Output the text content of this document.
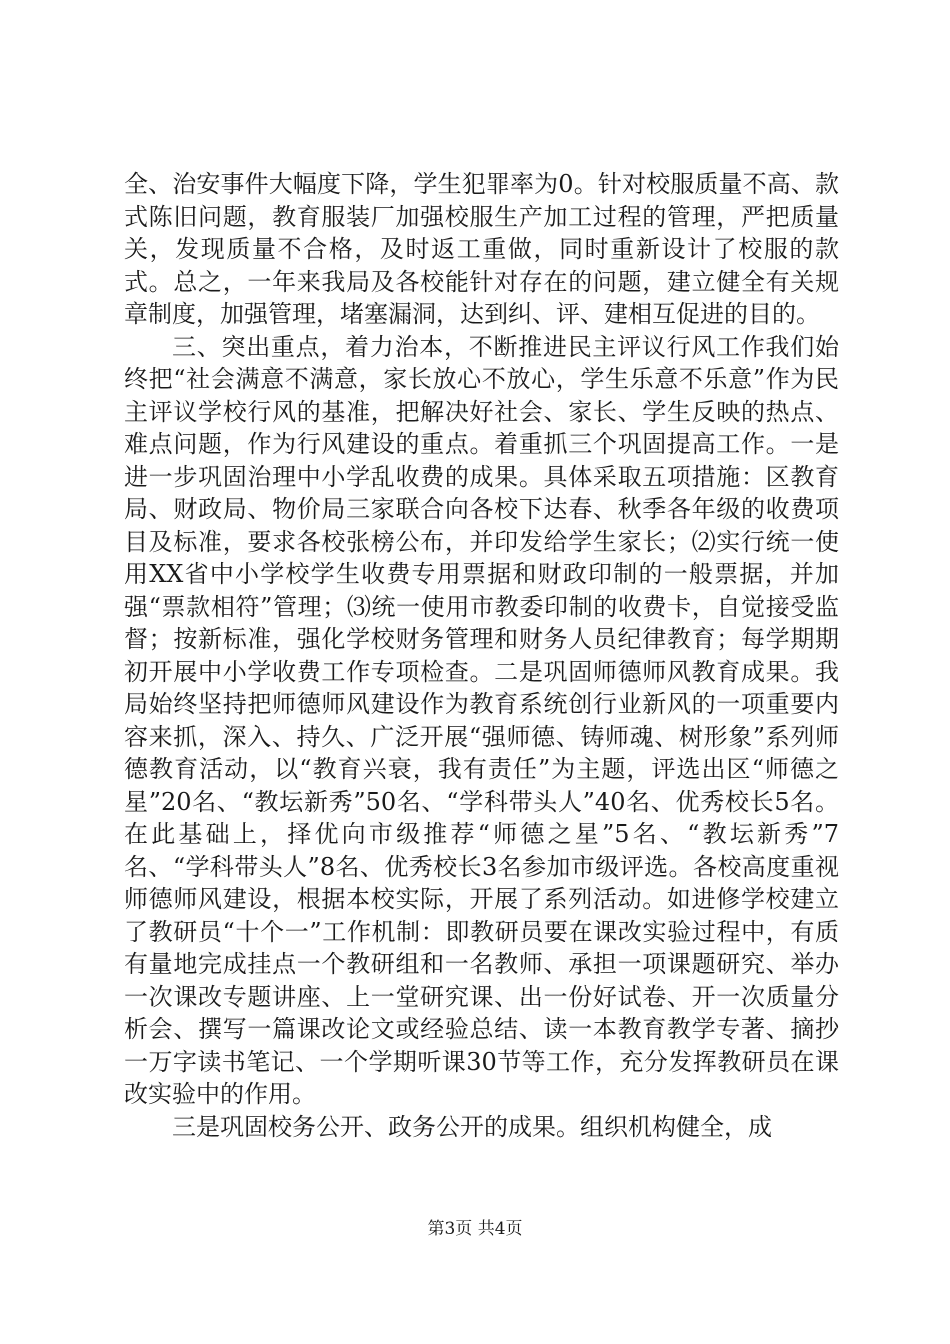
全、治安事件大幅度下降，学生犯罪率为0。针对校服质量不高、款式陈旧问题，教育服装厂加强校服生产加工过程的管理，严把质量关，发现质量不合格，及时返工重做，同时重新设计了校服的款式。总之，一年来我局及各校能针对存在的问题，建立健全有关规章制度，加强管理，堵塞漏洞，达到纠、评、建相互促进的目的。

三、突出重点，着力治本，不断推进民主评议行风工作我们始终把“社会满意不满意，家长放心不放心，学生乐意不乐意”作为民主评议学校行风的基准，把解决好社会、家长、学生反映的热点、难点问题，作为行风建设的重点。着重抓三个巩固提高工作。一是进一步巩固治理中小学乱收费的成果。具体采取五项措施：区教育局、财政局、物价局三家联合向各校下达春、秋季各年级的收费项目及标准，要求各校张榜公布，并印发给学生家长；⑵实行统一使用XX省中小学校学生收费专用票据和财政印制的一般票据，并加强“票款相符”管理；⑶统一使用市教委印制的收费卡，自觉接受监督；按新标准，强化学校财务管理和财务人员纪律教育；每学期期初开展中小学收费工作专项检查。二是巩固师德师风教育成果。我局始终坚持把师德师风建设作为教育系统创行业新风的一项重要内容来抓，深入、持久、广泛开展“强师德、铸师魂、树形象”系列师德教育活动，以“教育兴衰，我有责任”为主题，评选出区“师德之星”20名、“教坛新秀”50名、“学科带头人”40名、优秀校长5名。在此基础上，择优向市级推荐“师德之星”5名、“教坛新秀”7名、“学科带头人”8名、优秀校长3名参加市级评选。各校高度重视师德师风建设，根据本校实际，开展了系列活动。如进修学校建立了教研员“十个一”工作机制：即教研员要在课改实验过程中，有质有量地完成挂点一个教研组和一名教师、承担一项课题研究、举办一次课改专题讲座、上一堂研究课、出一份好试卷、开一次质量分析会、撰写一篇课改论文或经验总结、读一本教育教学专著、摘抄一万字读书笔记、一个学期听课30节等工作，充分发挥教研员在课改实验中的作用。

三是巩固校务公开、政务公开的成果。组织机构健全，成

第3页 共4页
